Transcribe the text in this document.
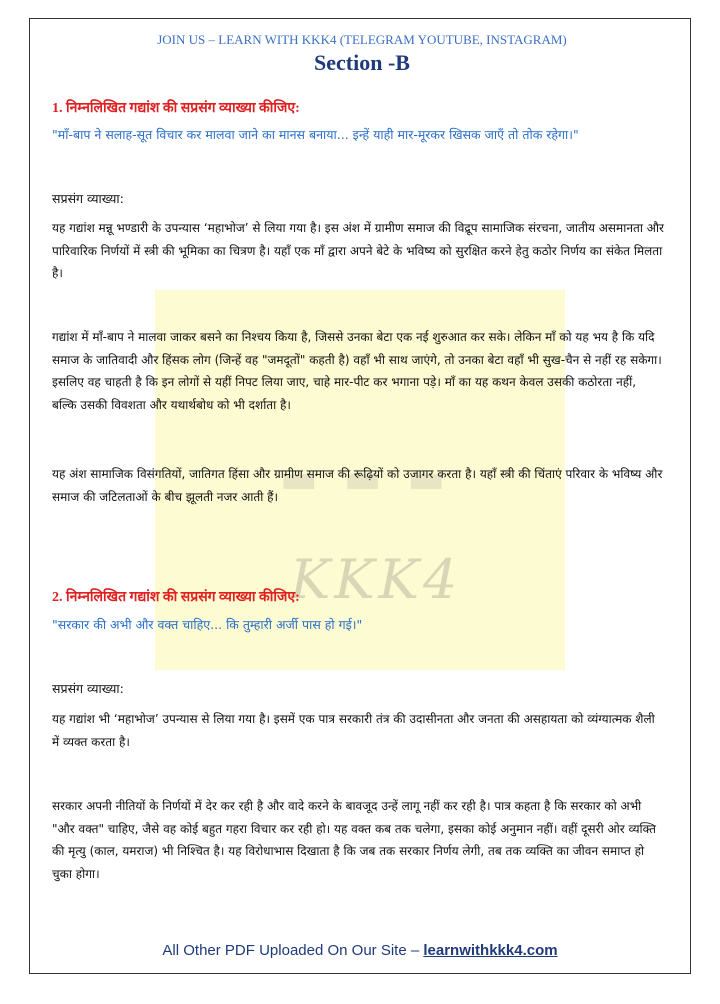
▬ ▬ ▬
KKK4
JOIN US – LEARN WITH KKK4 (TELEGRAM YOUTUBE, INSTAGRAM)
Section -B
1. निम्नलिखित गद्यांश की सप्रसंग व्याख्या कीजिए:
"माँ-बाप ने सलाह-सूत विचार कर मालवा जाने का मानस बनाया... इन्हें याही मार-मूरकर खिसक जाएँ तो तोक रहेगा।"
सप्रसंग व्याख्या:
यह गद्यांश मन्नू भण्डारी के उपन्यास ‘महाभोज’ से लिया गया है। इस अंश में ग्रामीण समाज की विद्रूप सामाजिक संरचना, जातीय असमानता और पारिवारिक निर्णयों में स्त्री की भूमिका का चित्रण है। यहाँ एक माँ द्वारा अपने बेटे के भविष्य को सुरक्षित करने हेतु कठोर निर्णय का संकेत मिलता है।
गद्यांश में माँ-बाप ने मालवा जाकर बसने का निश्चय किया है, जिससे उनका बेटा एक नई शुरुआत कर सके। लेकिन माँ को यह भय है कि यदि समाज के जातिवादी और हिंसक लोग (जिन्हें वह "जमदूतों" कहती है) वहाँ भी साथ जाएंगे, तो उनका बेटा वहाँ भी सुख-चैन से नहीं रह सकेगा। इसलिए वह चाहती है कि इन लोगों से यहीं निपट लिया जाए, चाहे मार-पीट कर भगाना पड़े। माँ का यह कथन केवल उसकी कठोरता नहीं, बल्कि उसकी विवशता और यथार्थबोध को भी दर्शाता है।
यह अंश सामाजिक विसंगतियों, जातिगत हिंसा और ग्रामीण समाज की रूढ़ियों को उजागर करता है। यहाँ स्त्री की चिंताएं परिवार के भविष्य और समाज की जटिलताओं के बीच झूलती नजर आती हैं।
2. निम्नलिखित गद्यांश की सप्रसंग व्याख्या कीजिए:
"सरकार की अभी और वक्त चाहिए... कि तुम्हारी अर्जी पास हो गई।"
सप्रसंग व्याख्या:
यह गद्यांश भी ‘महाभोज’ उपन्यास से लिया गया है। इसमें एक पात्र सरकारी तंत्र की उदासीनता और जनता की असहायता को व्यंग्यात्मक शैली में व्यक्त करता है।
सरकार अपनी नीतियों के निर्णयों में देर कर रही है और वादे करने के बावजूद उन्हें लागू नहीं कर रही है। पात्र कहता है कि सरकार को अभी "और वक्त" चाहिए, जैसे वह कोई बहुत गहरा विचार कर रही हो। यह वक्त कब तक चलेगा, इसका कोई अनुमान नहीं। वहीं दूसरी ओर व्यक्ति की मृत्यु (काल, यमराज) भी निश्चित है। यह विरोधाभास दिखाता है कि जब तक सरकार निर्णय लेगी, तब तक व्यक्ति का जीवन समाप्त हो चुका होगा।
All Other PDF Uploaded On Our Site – learnwithkkk4.com
